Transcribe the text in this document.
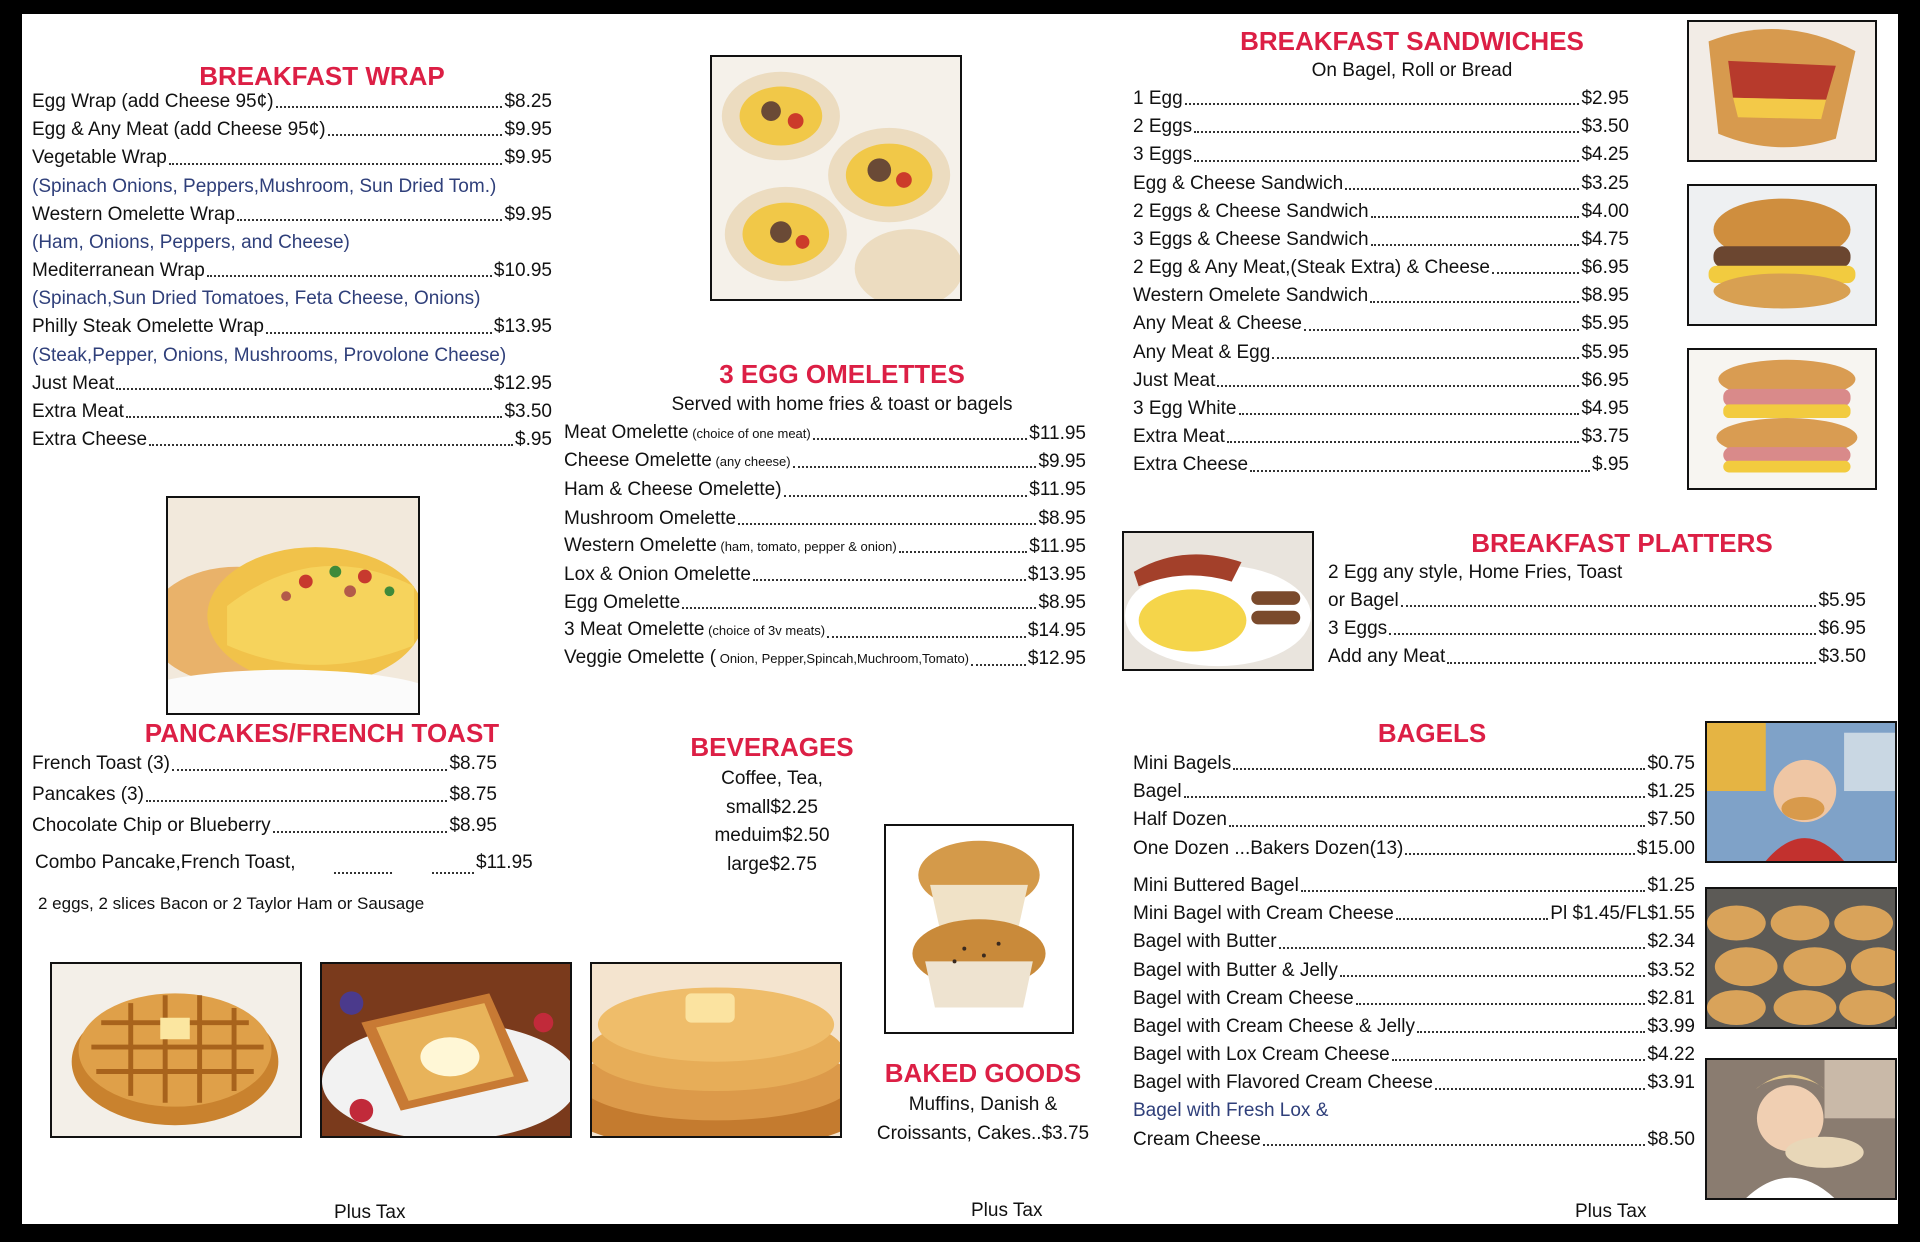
BREAKFAST WRAP
Egg Wrap (add Cheese 95¢)	$8.25
Egg & Any Meat (add Cheese 95¢)	$9.95
Vegetable Wrap	$9.95
(Spinach Onions, Peppers,Mushroom, Sun Dried Tom.)
Western Omelette Wrap	$9.95
(Ham, Onions, Peppers, and Cheese)
Mediterranean Wrap	$10.95
(Spinach,Sun Dried Tomatoes, Feta Cheese, Onions)
Philly Steak Omelette Wrap	$13.95
(Steak,Pepper, Onions, Mushrooms, Provolone Cheese)
Just Meat	$12.95
Extra Meat	$3.50
Extra Cheese	$.95
PANCAKES/FRENCH TOAST
French Toast (3)	$8.75
Pancakes (3)	$8.75
Chocolate Chip or Blueberry	$8.95
Combo Pancake,French Toast,	$11.95
2 eggs, 2 slices Bacon or 2 Taylor Ham or Sausage
Plus Tax
3 EGG OMELETTES
Served with home fries & toast or bagels
Meat Omelette (choice of one meat)	$11.95
Cheese Omelette (any cheese)	$9.95
Ham & Cheese Omelette)	$11.95
Mushroom Omelette	$8.95
Western Omelette (ham, tomato, pepper & onion)	$11.95
Lox & Onion Omelette	$13.95
Egg Omelette	$8.95
3 Meat Omelette (choice of 3v meats)	$14.95
Veggie Omelette ( Onion, Pepper,Spincah,Muchroom,Tomato)	$12.95
BEVERAGES
Coffee, Tea,
small$2.25
meduim$2.50
large$2.75
BAKED GOODS
Muffins, Danish &
Croissants, Cakes..$3.75
Plus Tax
BREAKFAST SANDWICHES
On Bagel, Roll or Bread
1 Egg	$2.95
2 Eggs	$3.50
3 Eggs	$4.25
Egg & Cheese Sandwich	$3.25
2 Eggs & Cheese Sandwich	$4.00
3 Eggs & Cheese Sandwich	$4.75
2 Egg & Any Meat,(Steak Extra) & Cheese	$6.95
Western Omelete Sandwich	$8.95
Any Meat & Cheese	$5.95
Any Meat & Egg	$5.95
Just Meat	$6.95
3 Egg White	$4.95
Extra Meat	$3.75
Extra Cheese	$.95
BREAKFAST PLATTERS
2 Egg any style, Home Fries, Toast
or Bagel	$5.95
3 Eggs	$6.95
Add any Meat	$3.50
BAGELS
Mini Bagels	$0.75
Bagel	$1.25
Half Dozen	$7.50
One Dozen ...Bakers Dozen(13)	$15.00
Mini Buttered Bagel	$1.25
Mini Bagel with Cream Cheese	Pl $1.45/FL$1.55
Bagel with Butter	$2.34
Bagel with Butter & Jelly	$3.52
Bagel with Cream Cheese	$2.81
Bagel with Cream Cheese & Jelly	$3.99
Bagel with Lox Cream Cheese	$4.22
Bagel with Flavored Cream Cheese	$3.91
Bagel with Fresh Lox &
Cream Cheese	$8.50
Plus Tax
